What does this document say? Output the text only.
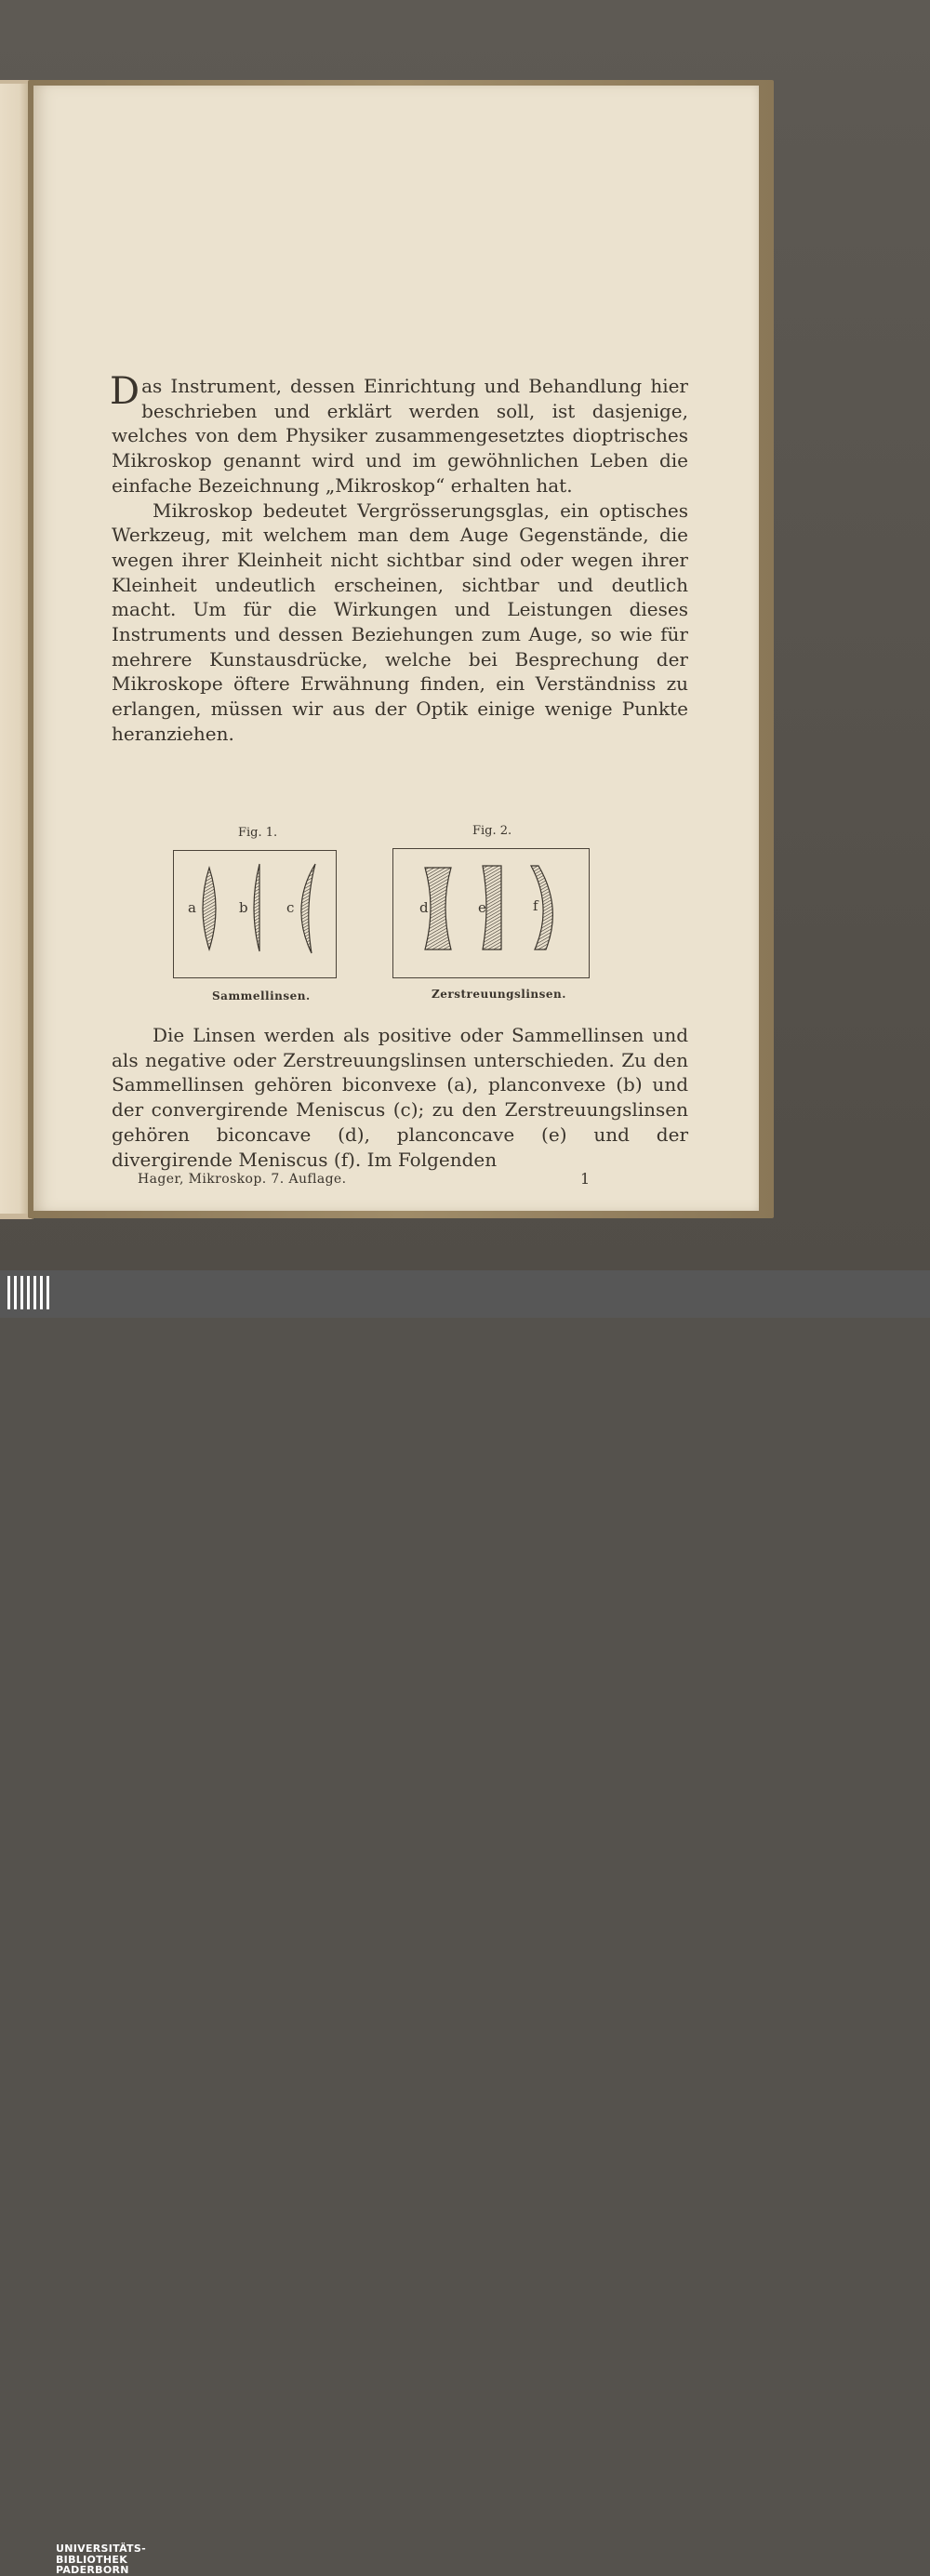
Das Instrument, dessen Einrichtung und Behandlung hier beschrieben und erklärt werden soll, ist dasjenige, welches von dem Physiker zusammengesetztes dioptrisches Mikroskop genannt wird und im gewöhnlichen Leben die einfache Bezeichnung „Mikroskop“ erhalten hat.

Mikroskop bedeutet Vergrösserungsglas, ein optisches Werkzeug, mit welchem man dem Auge Gegenstände, die wegen ihrer Kleinheit nicht sichtbar sind oder wegen ihrer Kleinheit undeutlich erscheinen, sichtbar und deutlich macht. Um für die Wirkungen und Leistungen dieses Instruments und dessen Beziehungen zum Auge, so wie für mehrere Kunstausdrücke, welche bei Besprechung der Mikroskope öftere Erwähnung finden, ein Verständniss zu erlangen, müssen wir aus der Optik einige wenige Punkte heranziehen.

Fig. 1.	Fig. 2.
a	b	c	d	e	f
Sammellinsen.	Zerstreuungslinsen.

Die Linsen werden als positive oder Sammellinsen und als negative oder Zerstreuungslinsen unterschieden. Zu den Sammellinsen gehören biconvexe (a), planconvexe (b) und der convergirende Meniscus (c); zu den Zerstreuungslinsen gehören biconcave (d), planconcave (e) und der divergirende Meniscus (f). Im Folgenden

Hager, Mikroskop. 7. Auflage.	1
UNIVERSITÄTS-
BIBLIOTHEK
PADERBORN
